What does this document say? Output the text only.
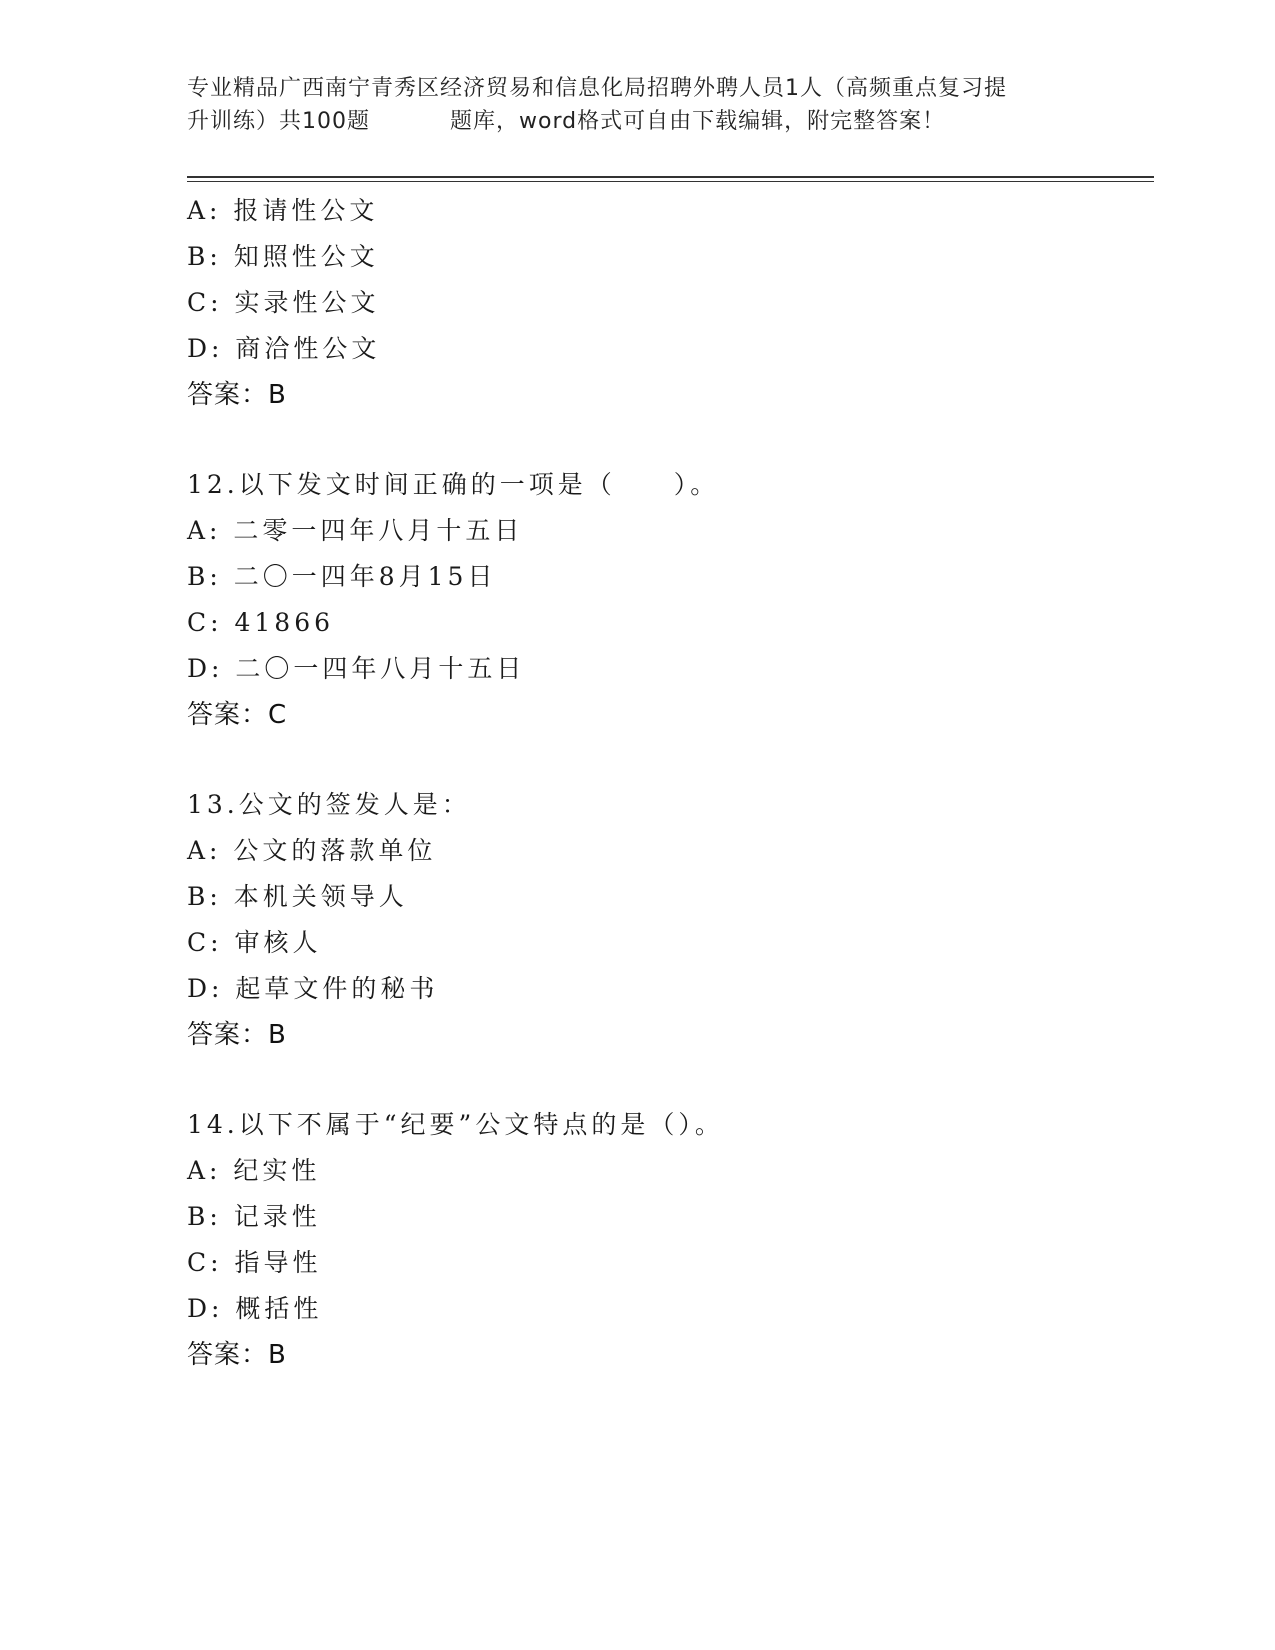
专业精品广西南宁青秀区经济贸易和信息化局招聘外聘人员1人（高频重点复习提
升训练）共100题	题库，word格式可自由下载编辑，附完整答案！
A: 报请性公文
B: 知照性公文
C: 实录性公文
D: 商洽性公文
答案：B
12.以下发文时间正确的一项是（　　）。
A: 二零一四年八月十五日
B: 二〇一四年8月15日
C: 41866
D: 二〇一四年八月十五日
答案：C
13.公文的签发人是：
A: 公文的落款单位
B: 本机关领导人
C: 审核人
D: 起草文件的秘书
答案：B
14.以下不属于“纪要”公文特点的是（）。
A: 纪实性
B: 记录性
C: 指导性
D: 概括性
答案：B
